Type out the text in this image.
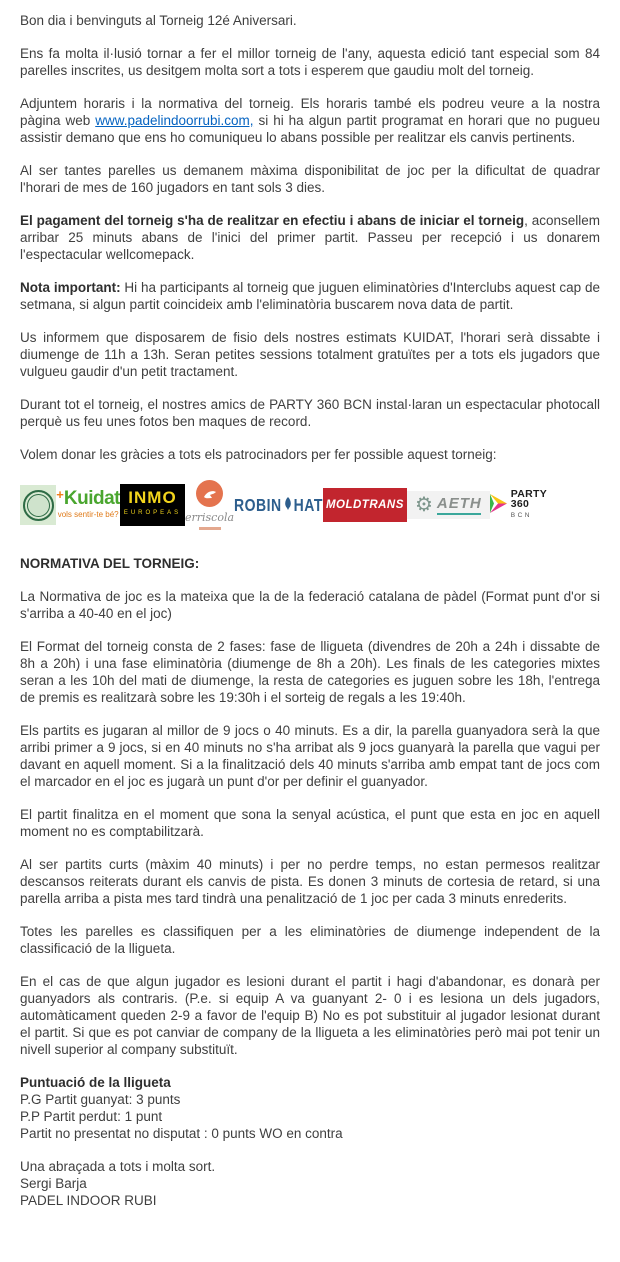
Bon dia i benvinguts al Torneig 12é Aniversari.

Ens fa molta il·lusió tornar a fer el millor torneig de l'any, aquesta edició tant especial som 84 parelles inscrites, us desitgem molta sort a tots i esperem que gaudiu molt del torneig.

Adjuntem horaris i la normativa del torneig. Els horaris també els podreu veure a la nostra pàgina web www.padelindoorrubi.com, si hi ha algun partit programat en horari que no pugueu assistir demano que ens ho comuniqueu lo abans possible per realitzar els canvis pertinents.

Al ser tantes parelles us demanem màxima disponibilitat de joc per la dificultat de quadrar l'horari de mes de 160 jugadors en tant sols 3 dies.

El pagament del torneig s'ha de realitzar en efectiu i abans de iniciar el torneig, aconsellem arribar 25 minuts abans de l'inici del primer partit. Passeu per recepció i us donarem l'espectacular wellcomepack.

Nota important: Hi ha participants al torneig que juguen eliminatòries d'Interclubs aquest cap de setmana, si algun partit coincideix amb l'eliminatòria buscarem nova data de partit.

Us informem que disposarem de fisio dels nostres estimats KUIDAT, l'horari serà dissabte i diumenge de 11h a 13h. Seran petites sessions totalment gratuïtes per a tots els jugadors que vulgueu gaudir d'un petit tractament.

Durant tot el torneig, el nostres amics de PARTY 360 BCN instal·laran un espectacular photocall perquè us feu unes fotos ben maques de record.

Volem donar les gràcies a tots els patrocinadors per fer possible aquest torneig:

+Kuidat
vols sentir-te bé?
INMO
EUROPEAS erriscola
ROBIN HAT MOLDTRANS ⚙ AETH
PARTY 360
BCN
NORMATIVA DEL TORNEIG:

La Normativa de joc es la mateixa que la de la federació catalana de pàdel (Format punt d'or si s'arriba a 40-40 en el joc)

El Format del torneig consta de 2 fases: fase de lligueta (divendres de 20h a 24h i dissabte de 8h a 20h) i una fase eliminatòria (diumenge de 8h a 20h). Les finals de les categories mixtes seran a les 10h del mati de diumenge, la resta de categories es juguen sobre les 18h, l'entrega de premis es realitzarà sobre les 19:30h i el sorteig de regals a les 19:40h.

Els partits es jugaran al millor de 9 jocs o 40 minuts. Es a dir, la parella guanyadora serà la que arribi primer a 9 jocs, si en 40 minuts no s'ha arribat als 9 jocs guanyarà la parella que vagui per davant en aquell moment. Si a la finalització dels 40 minuts s'arriba amb empat tant de jocs com el marcador en el joc es jugarà un punt d'or per definir el guanyador.

El partit finalitza en el moment que sona la senyal acústica, el punt que esta en joc en aquell moment no es comptabilitzarà.

Al ser partits curts (màxim 40 minuts) i per no perdre temps, no estan permesos realitzar descansos reiterats durant els canvis de pista. Es donen 3 minuts de cortesia de retard, si una parella arriba a pista mes tard tindrà una penalització de 1 joc per cada 3 minuts enrederits.

Totes les parelles es classifiquen per a les eliminatòries de diumenge independent de la classificació de la lligueta.

En el cas de que algun jugador es lesioni durant el partit i hagi d'abandonar, es donarà per guanyadors als contraris. (P.e. si equip A va guanyant 2- 0 i es lesiona un dels jugadors, automàticament queden 2-9 a favor de l'equip B) No es pot substituir al jugador lesionat durant el partit. Si que es pot canviar de company de la lligueta a les eliminatòries però mai pot tenir un nivell superior al company substituït.

Puntuació de la lligueta
P.G Partit guanyat: 3 punts
P.P Partit perdut: 1 punt
Partit no presentat no disputat : 0 punts WO en contra
Una abraçada a tots i molta sort.
Sergi Barja
PADEL INDOOR RUBI
